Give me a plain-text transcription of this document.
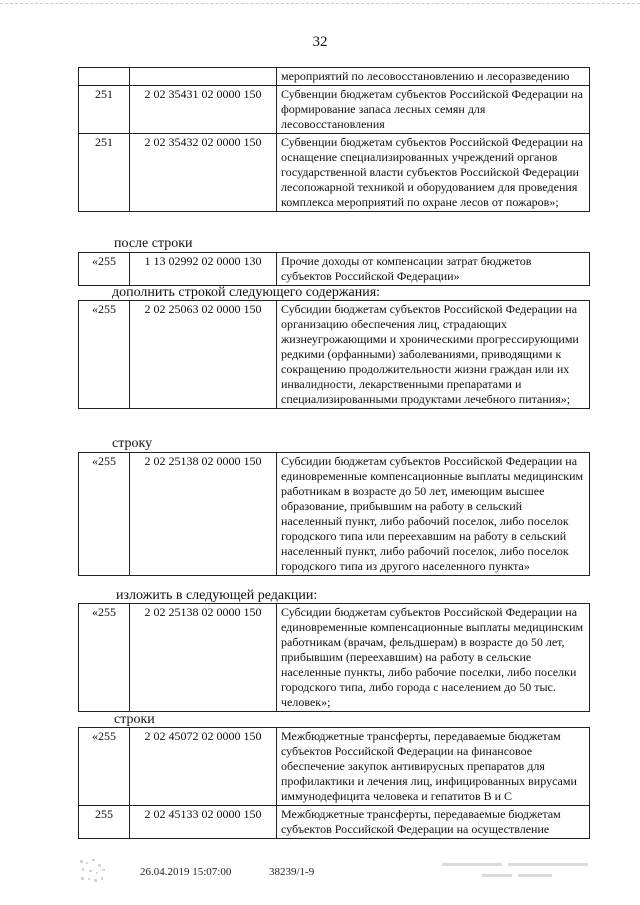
32
		мероприятий по лесовосстановлению и лесоразведению
251	2 02 35431 02 0000 150	Субвенции бюджетам субъектов Российской Федерации на формирование запаса лесных семян для лесовосстановления
251	2 02 35432 02 0000 150	Субвенции бюджетам субъектов Российской Федерации на оснащение специализированных учреждений органов государственной власти субъектов Российской Федерации лесопожарной техникой и оборудованием для проведения комплекса мероприятий по охране лесов от пожаров»;
после строки
«255	1 13 02992 02 0000 130	Прочие доходы от компенсации затрат бюджетов субъектов Российской Федерации»
дополнить строкой следующего содержания:
«255	2 02 25063 02 0000 150	Субсидии бюджетам субъектов Российской Федерации на организацию обеспечения лиц, страдающих жизнеугрожающими и хроническими прогрессирующими редкими (орфанными) заболеваниями, приводящими к сокращению продолжительности жизни граждан или их инвалидности, лекарственными препаратами и специализированными продуктами лечебного питания»;
строку
«255	2 02 25138 02 0000 150	Субсидии бюджетам субъектов Российской Федерации на единовременные компенсационные выплаты медицинским работникам в возрасте до 50 лет, имеющим высшее образование, прибывшим на работу в сельский населенный пункт, либо рабочий поселок, либо поселок городского типа или переехавшим на работу в сельский населенный пункт, либо рабочий поселок, либо поселок городского типа из другого населенного пункта»
изложить в следующей редакции:
«255	2 02 25138 02 0000 150	Субсидии бюджетам субъектов Российской Федерации на единовременные компенсационные выплаты медицинским работникам (врачам, фельдшерам) в возрасте до 50 лет, прибывшим (переехавшим) на работу в сельские населенные пункты, либо рабочие поселки, либо поселки городского типа, либо города с населением до 50 тыс. человек»;
строки
«255	2 02 45072 02 0000 150	Межбюджетные трансферты, передаваемые бюджетам субъектов Российской Федерации на финансовое обеспечение закупок антивирусных препаратов для профилактики и лечения лиц, инфицированных вирусами иммунодефицита человека и гепатитов В и С
255	2 02 45133 02 0000 150	Межбюджетные трансферты, передаваемые бюджетам субъектов Российской Федерации на осуществление
26.04.2019 15:07:00	38239/1-9
